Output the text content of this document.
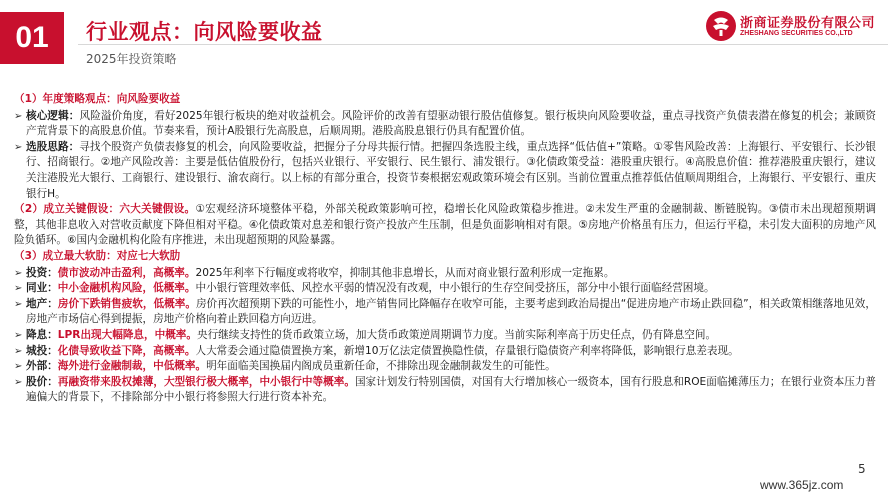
01	行业观点：向风险要收益
2025年投资策略
浙商证券股份有限公司
ZHESHANG SECURITIES CO.,LTD
（1）年度策略观点：向风险要收益
➢ 核心逻辑：风险溢价角度，看好2025年银行板块的绝对收益机会。风险评价的改善有望驱动银行股估值修复。银行板块向风险要收益，重点寻找资产负债表潜在修复的机会；兼顾资产荒背景下的高股息价值。节奏来看，预计A股银行先高股息，后顺周期。港股高股息银行仍具有配置价值。
➢ 选股思路：寻找个股资产负债表修复的机会，向风险要收益，把握分子分母共振行情。把握四条选股主线，重点选择“低估值+”策略。①零售风险改善：上海银行、平安银行、长沙银行、招商银行。②地产风险改善：主要是低估值股份行，包括兴业银行、平安银行、民生银行、浦发银行。③化债政策受益：港股重庆银行。④高股息价值：推荐港股重庆银行，建议关注港股光大银行、工商银行、建设银行、渝农商行。以上标的有部分重合，投资节奏根据宏观政策环境会有区别。当前位置重点推荐低估值顺周期组合，上海银行、平安银行、重庆银行H。
（2）成立关键假设：六大关键假设。①宏观经济环境整体平稳，外部关税政策影响可控，稳增长化风险政策稳步推进。②未发生严重的金融制裁、断链脱钩。③债市未出现超预期调整，其他非息收入对营收贡献度下降但相对平稳。④化债政策对息差和银行资产投放产生压制，但是负面影响相对有限。⑤房地产价格虽有压力，但运行平稳，未引发大面积的房地产风险负循环。⑥国内金融机构化险有序推进，未出现超预期的风险暴露。
（3）成立最大软肋：对应七大软肋
➢ 投资：债市波动冲击盈利，高概率。2025年利率下行幅度或将收窄，抑制其他非息增长，从而对商业银行盈利形成一定拖累。
➢ 同业：中小金融机构风险，低概率。中小银行管理效率低、风控水平弱的情况没有改观，中小银行的生存空间受挤压，部分中小银行面临经营困境。
➢ 地产：房价下跌销售疲软，低概率。房价再次超预期下跌的可能性小，地产销售同比降幅存在收窄可能，主要考虑到政治局提出“促进房地产市场止跌回稳”，相关政策相继落地见效，房地产市场信心得到提振，房地产价格向着止跌回稳方向迈进。
➢ 降息：LPR出现大幅降息，中概率。央行继续支持性的货币政策立场，加大货币政策逆周期调节力度。当前实际利率高于历史任点，仍有降息空间。
➢ 城投：化债导致收益下降，高概率。人大常委会通过隐债置换方案，新增10万亿法定债置换隐性债，存量银行隐债资产利率将降低，影响银行息差表现。
➢ 外部：海外进行金融制裁，中低概率。明年面临美国换届内阁成员重新任命，不排除出现金融制裁发生的可能性。
➢ 股价：再融资带来股权摊薄，大型银行极大概率，中小银行中等概率。国家计划发行特别国债，对国有大行增加核心一级资本，国有行股息和ROE面临摊薄压力；在银行业资本压力普遍偏大的背景下，不排除部分中小银行将参照大行进行资本补充。
5
www.365jz.com
